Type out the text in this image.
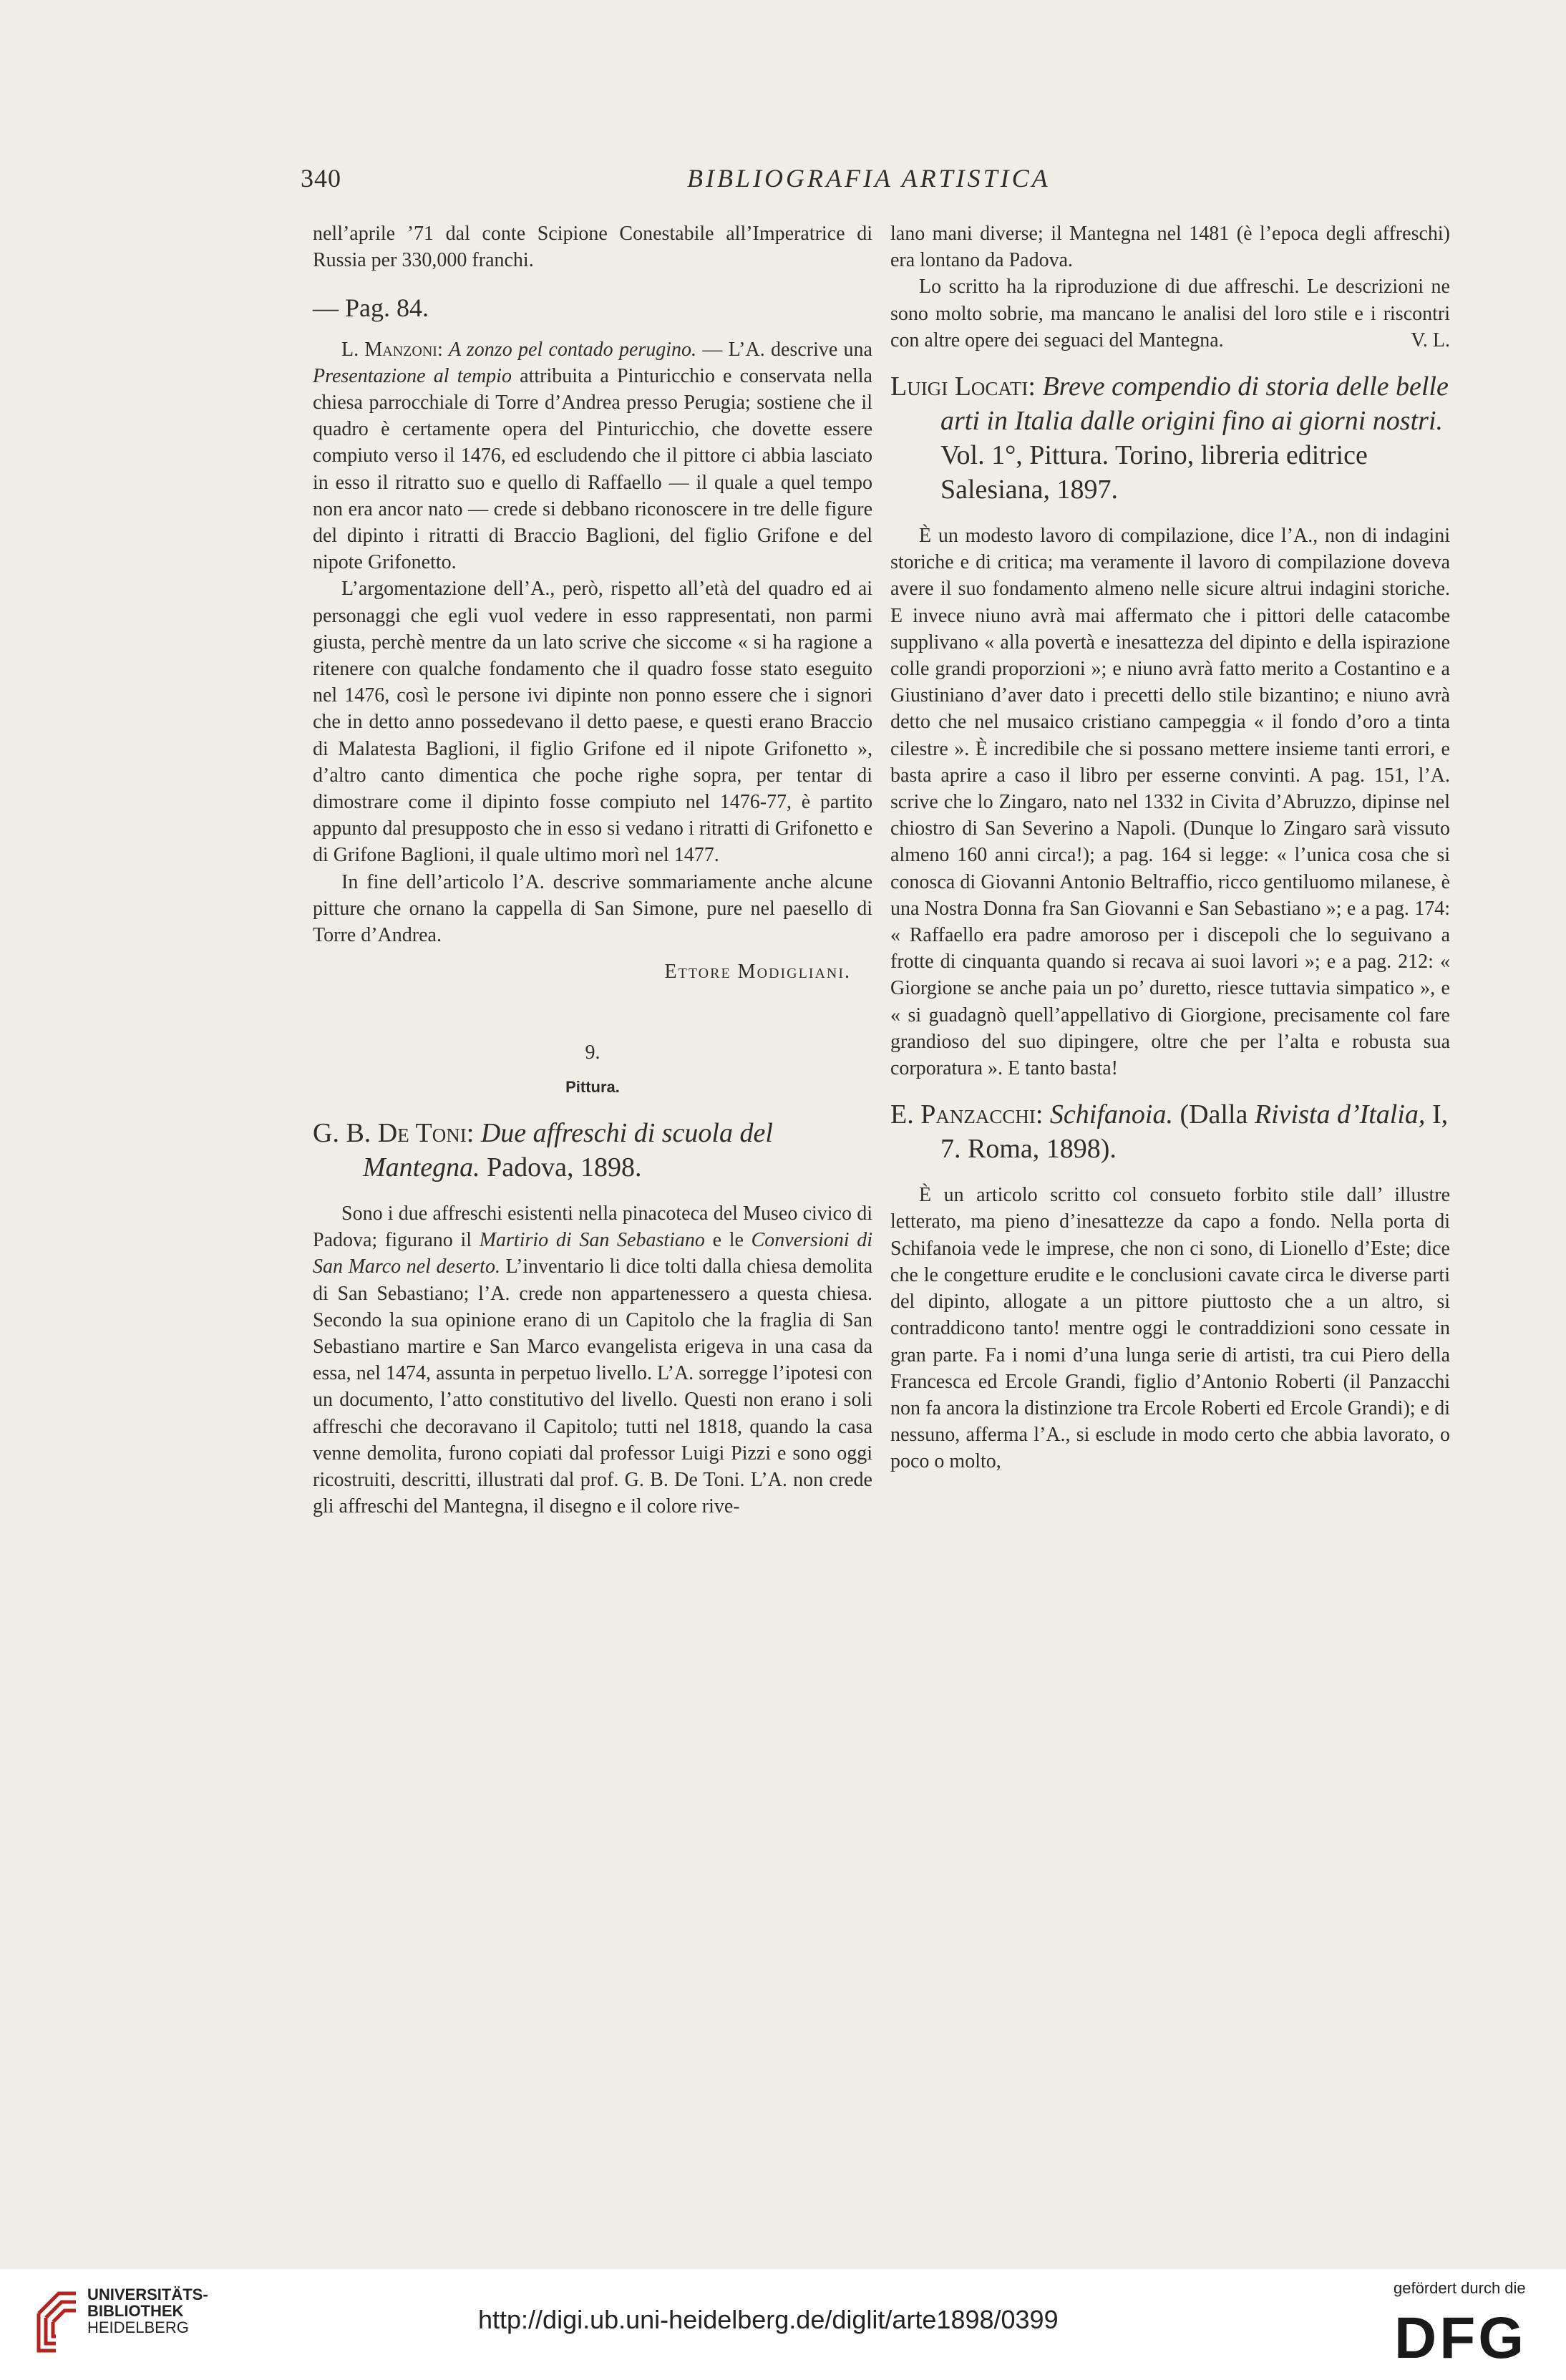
340	BIBLIOGRAFIA ARTISTICA

nell’aprile ’71 dal conte Scipione Conestabile all’Imperatrice di Russia per 330,000 franchi.

— Pag. 84.

L. Manzoni: A zonzo pel contado perugino. — L’A. descrive una Presentazione al tempio attribuita a Pinturicchio e conservata nella chiesa parrocchiale di Torre d’Andrea presso Perugia; sostiene che il quadro è certamente opera del Pinturicchio, che dovette essere compiuto verso il 1476, ed escludendo che il pittore ci abbia lasciato in esso il ritratto suo e quello di Raffaello — il quale a quel tempo non era ancor nato — crede si debbano riconoscere in tre delle figure del dipinto i ritratti di Braccio Baglioni, del figlio Grifone e del nipote Grifonetto.

L’argomentazione dell’A., però, rispetto all’età del quadro ed ai personaggi che egli vuol vedere in esso rappresentati, non parmi giusta, perchè mentre da un lato scrive che siccome « si ha ragione a ritenere con qualche fondamento che il quadro fosse stato eseguito nel 1476, così le persone ivi dipinte non ponno essere che i signori che in detto anno possedevano il detto paese, e questi erano Braccio di Malatesta Baglioni, il figlio Grifone ed il nipote Grifonetto », d’altro canto dimentica che poche righe sopra, per tentar di dimostrare come il dipinto fosse compiuto nel 1476-77, è partito appunto dal presupposto che in esso si vedano i ritratti di Grifonetto e di Grifone Baglioni, il quale ultimo morì nel 1477.

In fine dell’articolo l’A. descrive sommariamente anche alcune pitture che ornano la cappella di San Simone, pure nel paesello di Torre d’Andrea.

Ettore Modigliani.
9.
Pittura.
G. B. De Toni: Due affreschi di scuola del Mantegna. Padova, 1898.

Sono i due affreschi esistenti nella pinacoteca del Museo civico di Padova; figurano il Martirio di San Sebastiano e le Conversioni di San Marco nel deserto. L’inventario li dice tolti dalla chiesa demolita di San Sebastiano; l’A. crede non appartenessero a questa chiesa. Secondo la sua opinione erano di un Capitolo che la fraglia di San Sebastiano martire e San Marco evangelista erigeva in una casa da essa, nel 1474, assunta in perpetuo livello. L’A. sorregge l’ipotesi con un documento, l’atto constitutivo del livello. Questi non erano i soli affreschi che decoravano il Capitolo; tutti nel 1818, quando la casa venne demolita, furono copiati dal professor Luigi Pizzi e sono oggi ricostruiti, descritti, illustrati dal prof. G. B. De Toni. L’A. non crede gli affreschi del Mantegna, il disegno e il colore rive-

lano mani diverse; il Mantegna nel 1481 (è l’epoca degli affreschi) era lontano da Padova.

Lo scritto ha la riproduzione di due affreschi. Le descrizioni ne sono molto sobrie, ma mancano le analisi del loro stile e i riscontri con altre opere dei seguaci del Mantegna.	V. L.

Luigi Locati: Breve compendio di storia delle belle arti in Italia dalle origini fino ai giorni nostri. Vol. 1°, Pittura. Torino, libreria editrice Salesiana, 1897.

È un modesto lavoro di compilazione, dice l’A., non di indagini storiche e di critica; ma veramente il lavoro di compilazione doveva avere il suo fondamento almeno nelle sicure altrui indagini storiche. E invece niuno avrà mai affermato che i pittori delle catacombe supplivano « alla povertà e inesattezza del dipinto e della ispirazione colle grandi proporzioni »; e niuno avrà fatto merito a Costantino e a Giustiniano d’aver dato i precetti dello stile bizantino; e niuno avrà detto che nel musaico cristiano campeggia « il fondo d’oro a tinta cilestre ». È incredibile che si possano mettere insieme tanti errori, e basta aprire a caso il libro per esserne convinti. A pag. 151, l’A. scrive che lo Zingaro, nato nel 1332 in Civita d’Abruzzo, dipinse nel chiostro di San Severino a Napoli. (Dunque lo Zingaro sarà vissuto almeno 160 anni circa!); a pag. 164 si legge: « l’unica cosa che si conosca di Giovanni Antonio Beltraffio, ricco gentiluomo milanese, è una Nostra Donna fra San Giovanni e San Sebastiano »; e a pag. 174: « Raffaello era padre amoroso per i discepoli che lo seguivano a frotte di cinquanta quando si recava ai suoi lavori »; e a pag. 212: « Giorgione se anche paia un po’ duretto, riesce tuttavia simpatico », e « si guadagnò quell’appellativo di Giorgione, precisamente col fare grandioso del suo dipingere, oltre che per l’alta e robusta sua corporatura ». E tanto basta!

E. Panzacchi: Schifanoia. (Dalla Rivista d’Italia, I, 7. Roma, 1898).

È un articolo scritto col consueto forbito stile dall’ illustre letterato, ma pieno d’inesattezze da capo a fondo. Nella porta di Schifanoia vede le imprese, che non ci sono, di Lionello d’Este; dice che le congetture erudite e le conclusioni cavate circa le diverse parti del dipinto, allogate a un pittore piuttosto che a un altro, si contraddicono tanto! mentre oggi le contraddizioni sono cessate in gran parte. Fa i nomi d’una lunga serie di artisti, tra cui Piero della Francesca ed Ercole Grandi, figlio d’Antonio Roberti (il Panzacchi non fa ancora la distinzione tra Ercole Roberti ed Ercole Grandi); e di nessuno, afferma l’A., si esclude in modo certo che abbia lavorato, o poco o molto,

UNIVERSITÄTS-
BIBLIOTHEK
HEIDELBERG	http://digi.ub.uni-heidelberg.de/diglit/arte1898/0399
gefördert durch die
DFG
